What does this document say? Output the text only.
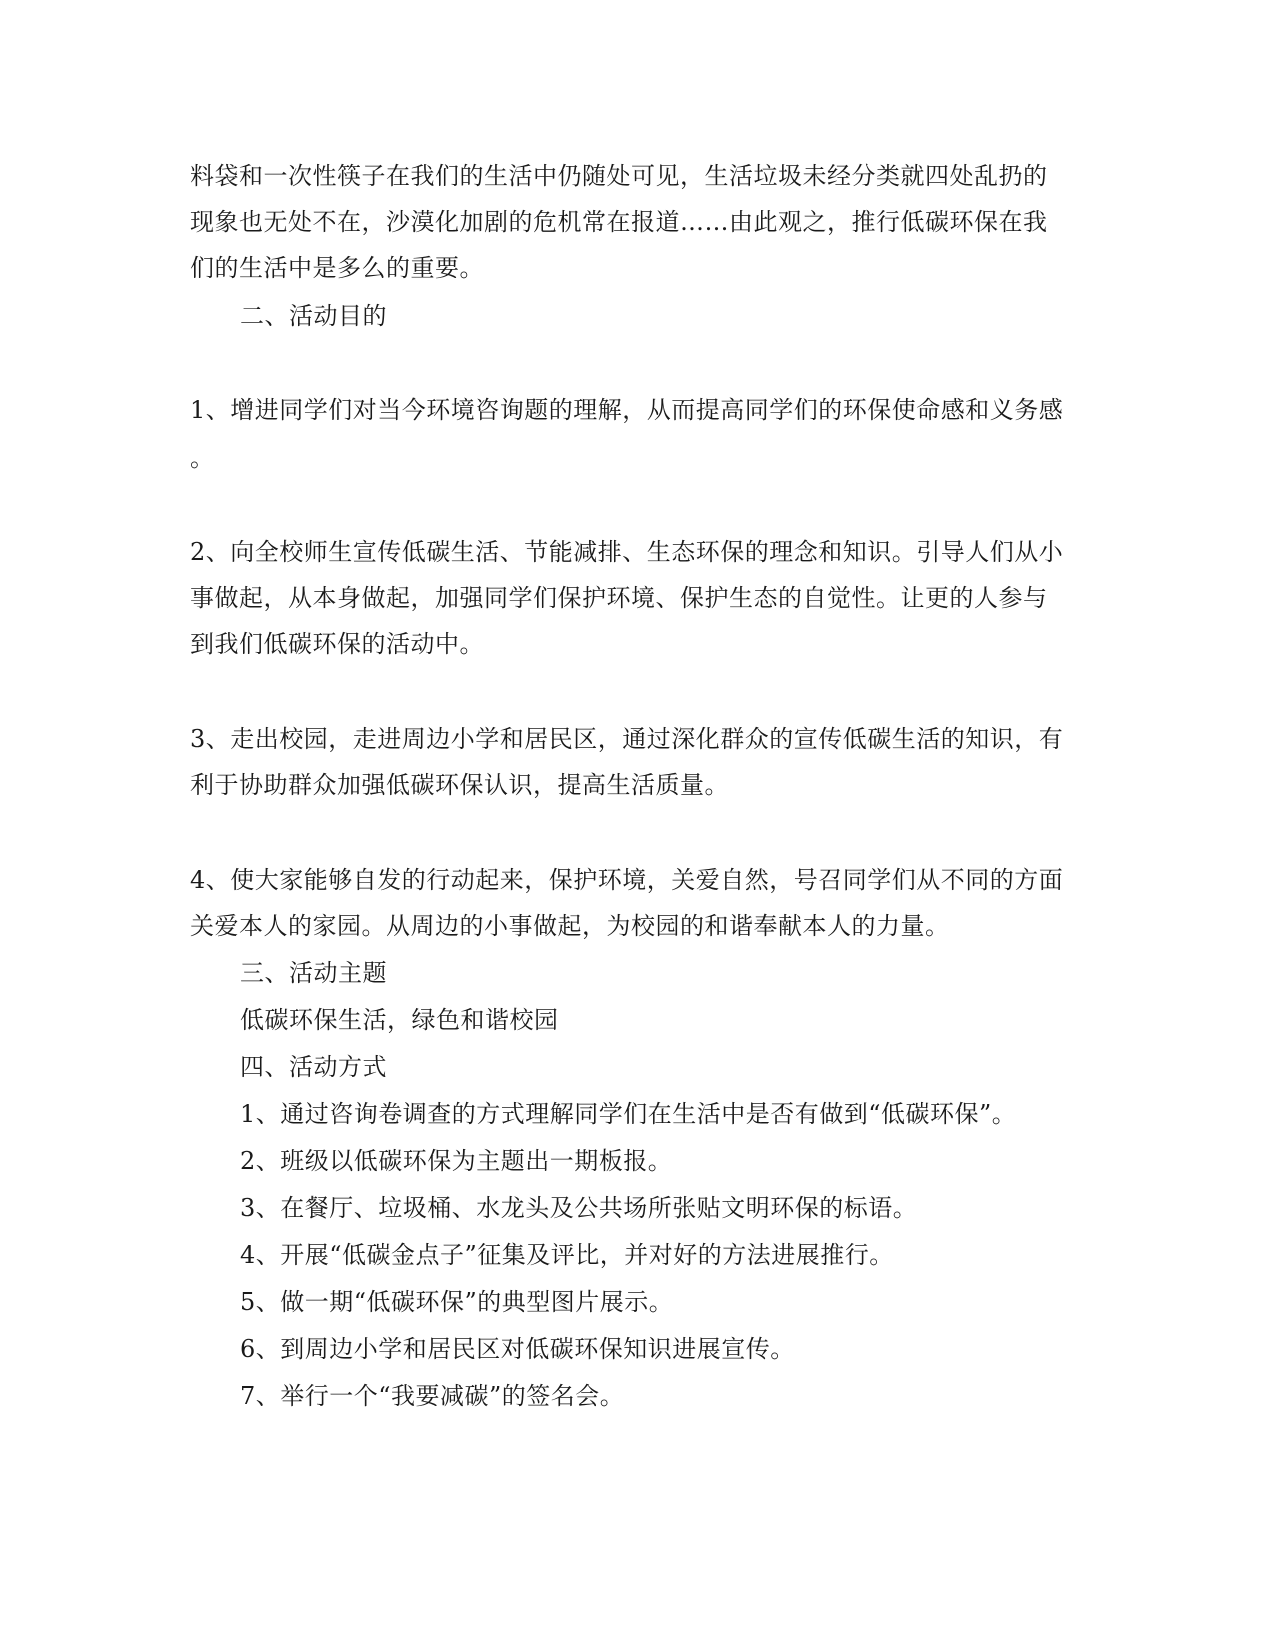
料袋和一次性筷子在我们的生活中仍随处可见，生活垃圾未经分类就四处乱扔的
现象也无处不在，沙漠化加剧的危机常在报道……由此观之，推行低碳环保在我
们的生活中是多么的重要。
二、活动目的
1、增进同学们对当今环境咨询题的理解，从而提高同学们的环保使命感和义务感
。
2、向全校师生宣传低碳生活、节能减排、生态环保的理念和知识。引导人们从小
事做起，从本身做起，加强同学们保护环境、保护生态的自觉性。让更的人参与
到我们低碳环保的活动中。
3、走出校园，走进周边小学和居民区，通过深化群众的宣传低碳生活的知识，有
利于协助群众加强低碳环保认识，提高生活质量。
4、使大家能够自发的行动起来，保护环境，关爱自然，号召同学们从不同的方面
关爱本人的家园。从周边的小事做起，为校园的和谐奉献本人的力量。
三、活动主题
低碳环保生活，绿色和谐校园
四、活动方式
1、通过咨询卷调查的方式理解同学们在生活中是否有做到“低碳环保”。
2、班级以低碳环保为主题出一期板报。
3、在餐厅、垃圾桶、水龙头及公共场所张贴文明环保的标语。
4、开展“低碳金点子”征集及评比，并对好的方法进展推行。
5、做一期“低碳环保”的典型图片展示。
6、到周边小学和居民区对低碳环保知识进展宣传。
7、举行一个“我要减碳”的签名会。
